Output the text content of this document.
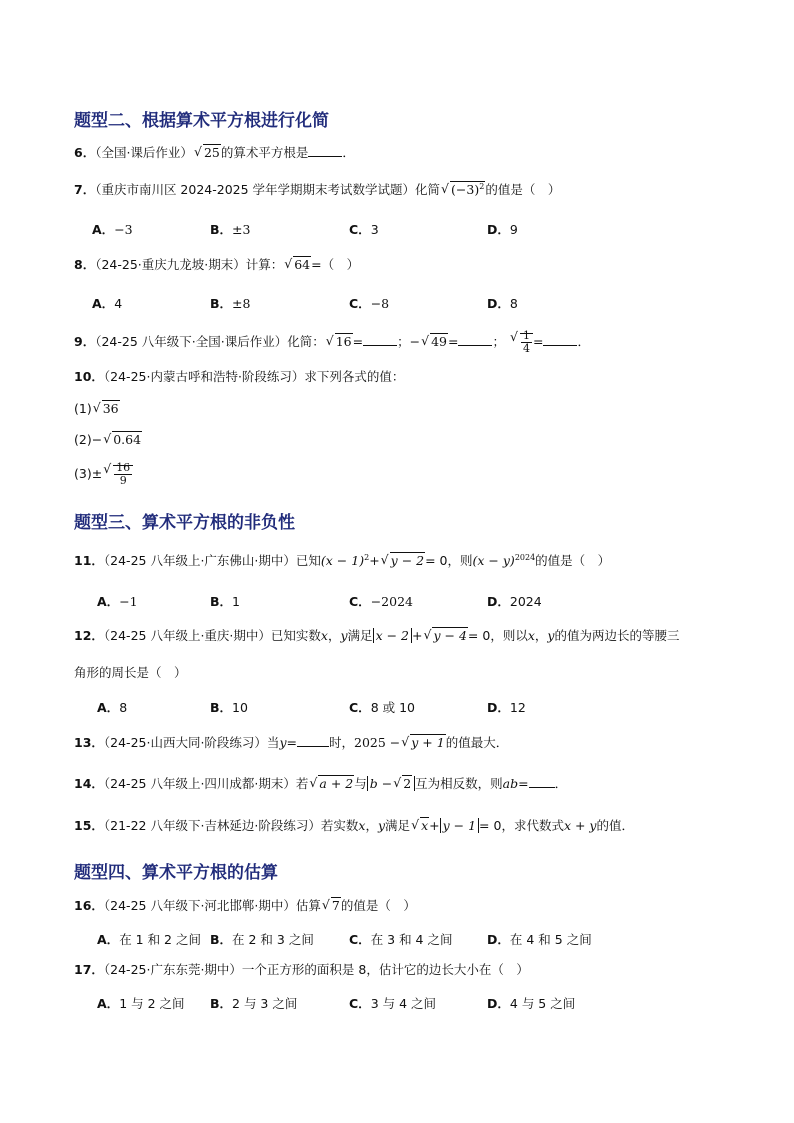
题型二、根据算术平方根进行化简
6．（全国·课后作业）√ 25的算术平方根是	．
7．（重庆市南川区 2024-2025 学年学期期末考试数学试题）化简√ $(-3)^2$的值是（　）
A．−3	B．±3	C．3	D．9
8．（24-25·重庆九龙坡·期末）计算：√ 64=（　）
A．4	B．±8	C．−8	D．8
9．（24-25 八年级下·全国·课后作业）化简：√ 16=	；−√ 49=	；
√ $\frac{1}{4}$ =	．
10．（24-25·内蒙古呼和浩特·阶段练习）求下列各式的值：
(1)√ 36
(2)−√ 0.64
(3)±
√ $\frac{16}{9}$
题型三、算术平方根的非负性
11．（24-25 八年级上·广东佛山·期中）已知$(x - 1)^2+√$ y − 2= 0，则$(x - y)^{2024}$的值是（　）
A．−1	B．1	C．−2024	D．2024
12．（24-25 八年级上·重庆·期中）已知实数x，y满足 x − 2 +√ y − 4= 0，则以x，y的值为两边长的等腰三
角形的周长是（　）
A．8	B．10	C．8 或 10	D．12
13．（24-25·山西大同·阶段练习）当y=	时，2025 −√ y + 1的值最大．
14．（24-25 八年级上·四川成都·期末）若√ a + 2与 b −√ 2 互为相反数，则ab= ．
15．（21-22 八年级下·吉林延边·阶段练习）若实数x，y满足√ x+ y − 1 = 0，求代数式x + y的值．
题型四、算术平方根的估算
16．（24-25 八年级下·河北邯郸·期中）估算√ 7的值是（　）
A．在 1 和 2 之间 B．在 2 和 3 之间	C．在 3 和 4 之间	D．在 4 和 5 之间
17．（24-25·广东东莞·期中）一个正方形的面积是 8，估计它的边长大小在（　）
A．1 与 2 之间 B．2 与 3 之间	C．3 与 4 之间	D．4 与 5 之间
